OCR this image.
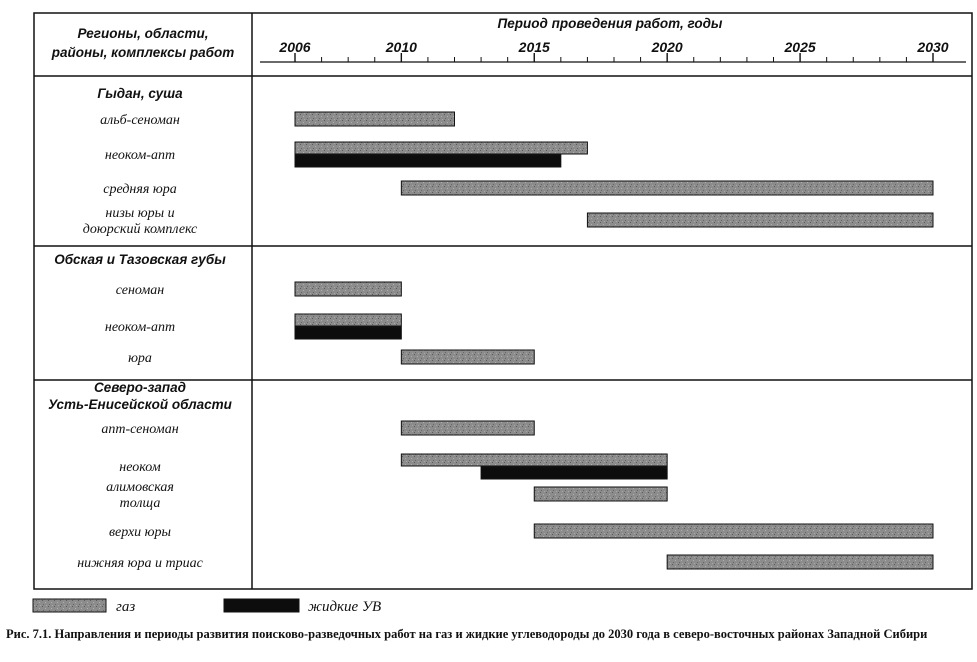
Регионы, области,
районы, комплексы работ
Период проведения работ, годы
2006	2010	2015	2020	2025	2030
Гыдан, суша
альб-сеноман
неоком-апт
средняя юра
низы юры и
доюрский комплекс
Обская и Тазовская губы
сеноман
неоком-апт
юра
Северо-запад
Усть-Енисейской области
апт-сеноман
неоком
алимовская
толща
верхи юры
нижняя юра и триас
газ	жидкие УВ
Рис. 7.1. Направления и периоды развития поисково-разведочных работ на газ и жидкие углеводороды до 2030 года в северо-восточных районах Западной Сибири
